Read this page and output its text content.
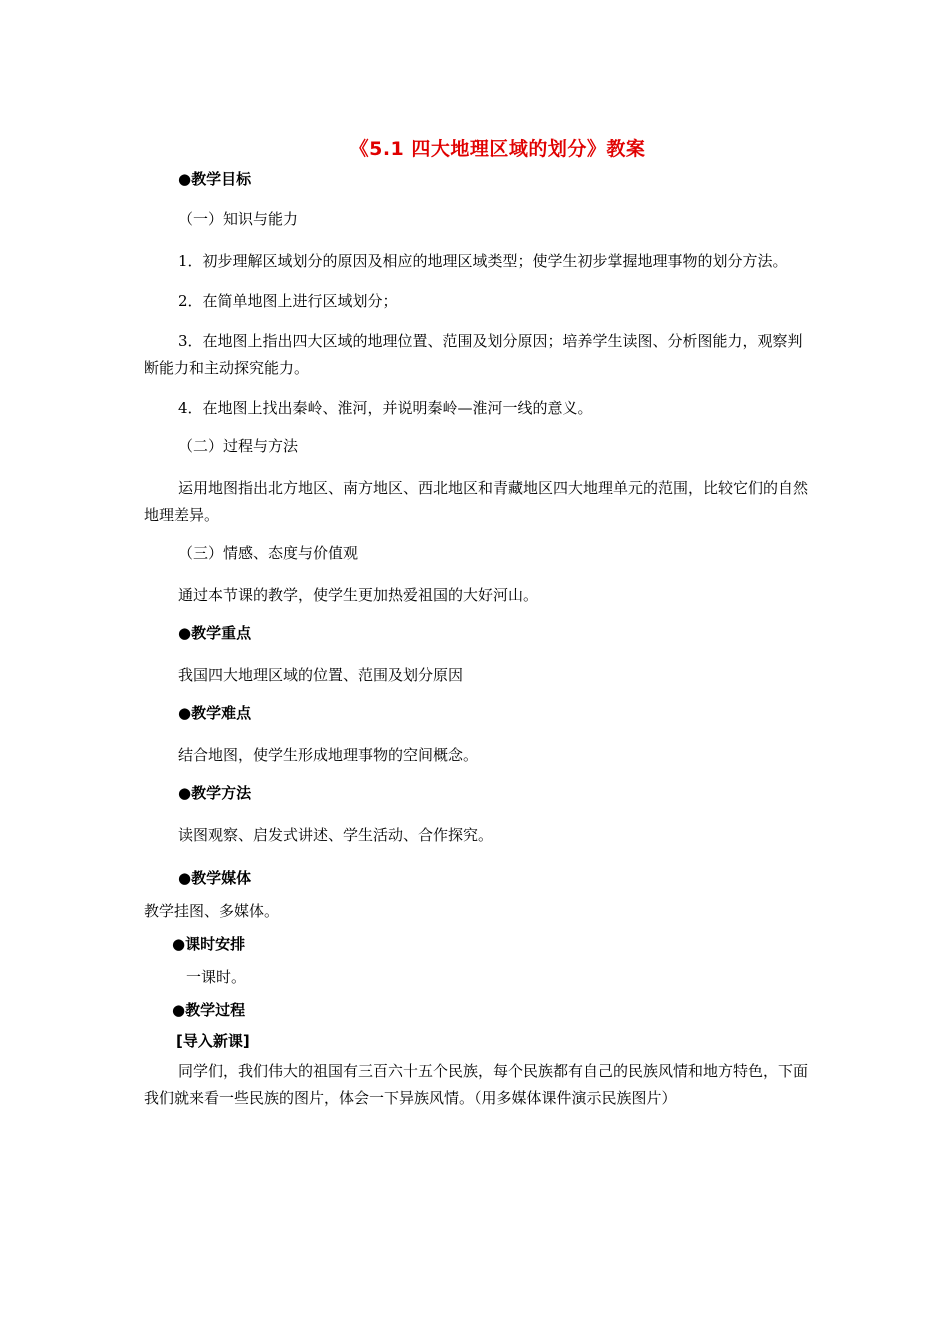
《5.1 四大地理区域的划分》教案
●教学目标
（一）知识与能力
1．初步理解区域划分的原因及相应的地理区域类型；使学生初步掌握地理事物的划分方法。
2．在简单地图上进行区域划分；
3．在地图上指出四大区域的地理位置、范围及划分原因；培养学生读图、分析图能力，观察判断能力和主动探究能力。
4．在地图上找出秦岭、淮河，并说明秦岭—淮河一线的意义。
（二）过程与方法
运用地图指出北方地区、南方地区、西北地区和青藏地区四大地理单元的范围，比较它们的自然地理差异。
（三）情感、态度与价值观
通过本节课的教学，使学生更加热爱祖国的大好河山。
●教学重点
我国四大地理区域的位置、范围及划分原因
●教学难点
结合地图，使学生形成地理事物的空间概念。
●教学方法
读图观察、启发式讲述、学生活动、合作探究。
●教学媒体
教学挂图、多媒体。
●课时安排
一课时。
●教学过程
[导入新课]
同学们，我们伟大的祖国有三百六十五个民族，每个民族都有自己的民族风情和地方特色，下面我们就来看一些民族的图片，体会一下异族风情。（用多媒体课件演示民族图片）
